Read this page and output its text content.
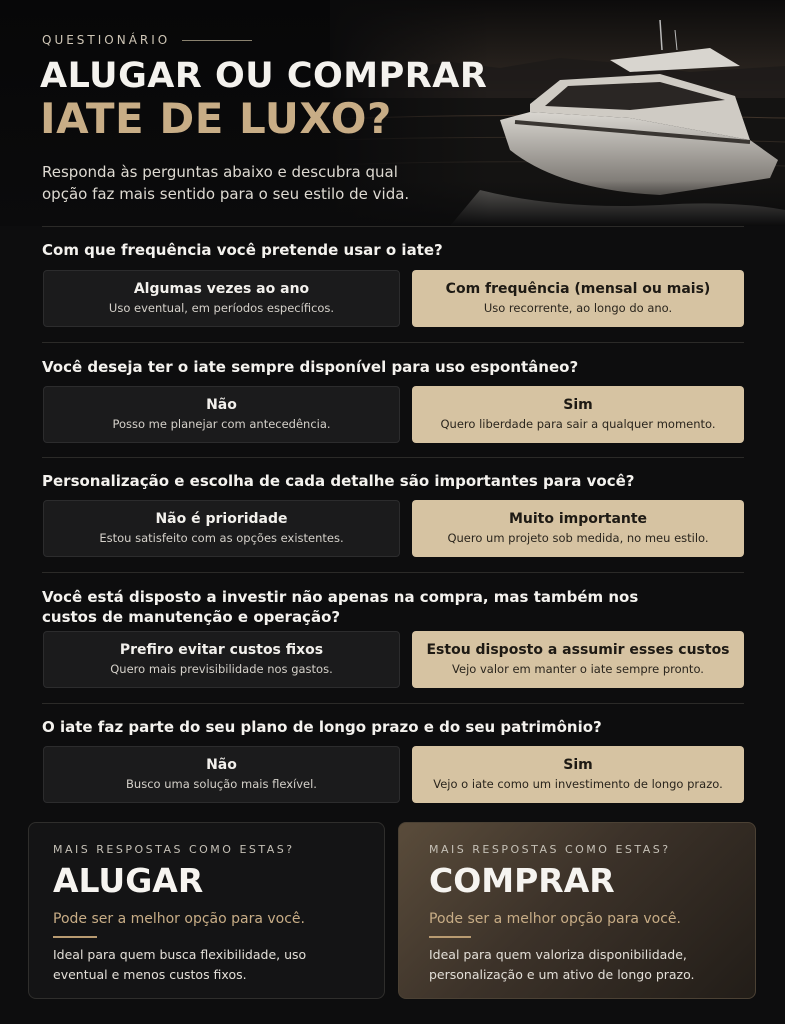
QUESTIONÁRIO
ALUGAR OU COMPRAR
IATE DE LUXO?
Responda às perguntas abaixo e descubra qual opção faz mais sentido para o seu estilo de vida.
Com que frequência você pretende usar o iate?
Algumas vezes ao ano
Uso eventual, em períodos específicos.
Com frequência (mensal ou mais)
Uso recorrente, ao longo do ano.
Você deseja ter o iate sempre disponível para uso espontâneo?
Não
Posso me planejar com antecedência.
Sim
Quero liberdade para sair a qualquer momento.
Personalização e escolha de cada detalhe são importantes para você?
Não é prioridade
Estou satisfeito com as opções existentes.
Muito importante
Quero um projeto sob medida, no meu estilo.
Você está disposto a investir não apenas na compra, mas também nos custos de manutenção e operação?
Prefiro evitar custos fixos
Quero mais previsibilidade nos gastos.
Estou disposto a assumir esses custos
Vejo valor em manter o iate sempre pronto.
O iate faz parte do seu plano de longo prazo e do seu patrimônio?
Não
Busco uma solução mais flexível.
Sim
Vejo o iate como um investimento de longo prazo.
MAIS RESPOSTAS COMO ESTAS?
ALUGAR
Pode ser a melhor opção para você.
Ideal para quem busca flexibilidade, uso eventual e menos custos fixos.
MAIS RESPOSTAS COMO ESTAS?
COMPRAR
Pode ser a melhor opção para você.
Ideal para quem valoriza disponibilidade, personalização e um ativo de longo prazo.
